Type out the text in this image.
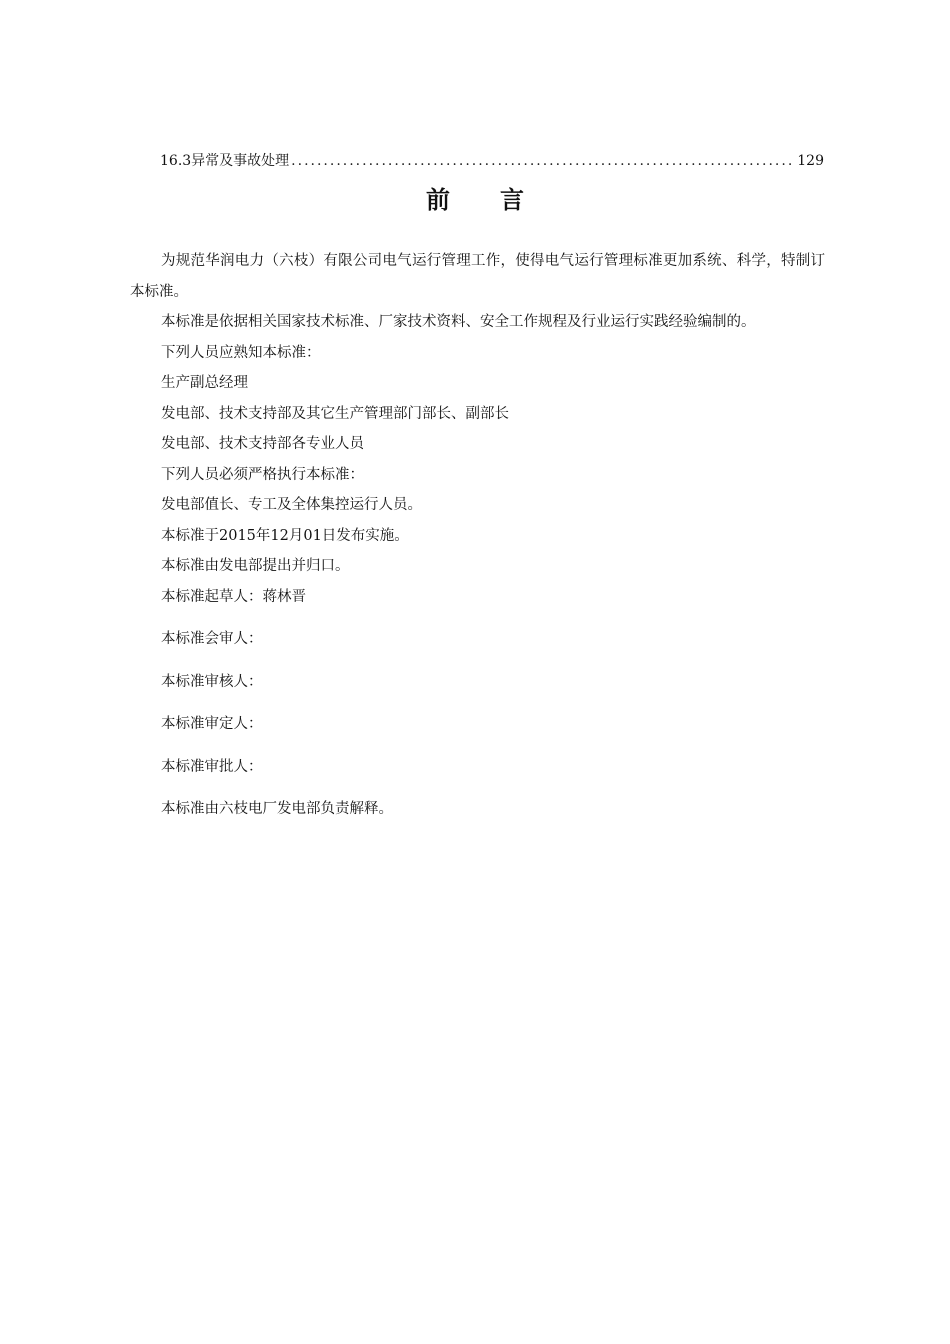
16.3异常及事故处理
.....	129
前言

为规范华润电力（六枝）有限公司电气运行管理工作，使得电气运行管理标准更加系统、科学，特制订本标准。

本标准是依据相关国家技术标准、厂家技术资料、安全工作规程及行业运行实践经验编制的。

下列人员应熟知本标准：

生产副总经理

发电部、技术支持部及其它生产管理部门部长、副部长

发电部、技术支持部各专业人员

下列人员必须严格执行本标准：

发电部值长、专工及全体集控运行人员。

本标准于2015年12月01日发布实施。

本标准由发电部提出并归口。

本标准起草人：蒋林晋

本标准会审人：

本标准审核人：

本标准审定人：

本标准审批人：

本标准由六枝电厂发电部负责解释。
